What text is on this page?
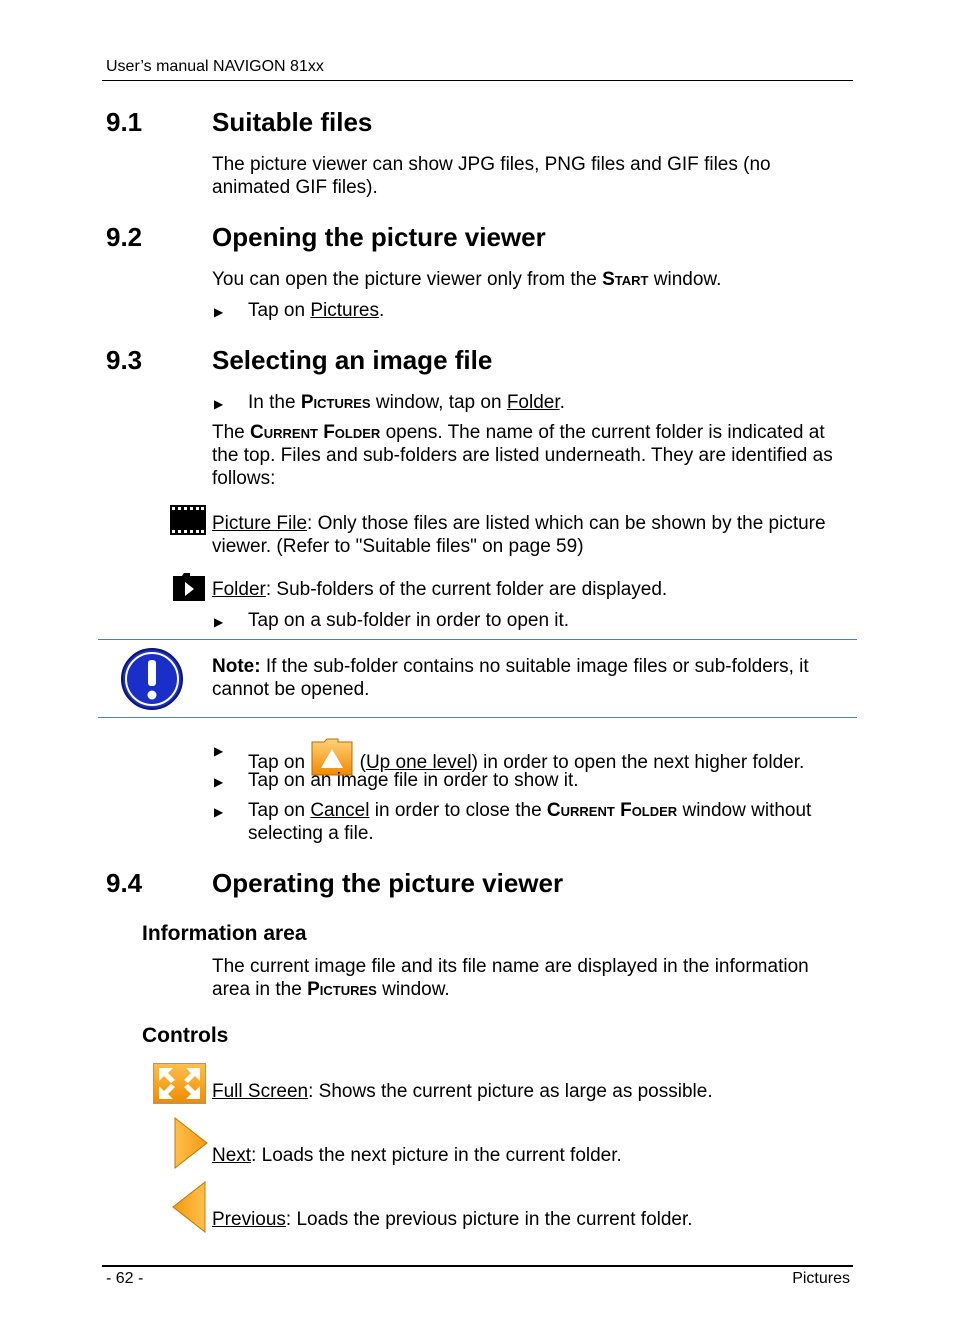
User’s manual NAVIGON 81xx
9.1	Suitable files
The picture viewer can show JPG files, PNG files and GIF files (no animated GIF files).
9.2	Opening the picture viewer
You can open the picture viewer only from the Start window.
▶ Tap on Pictures.
9.3	Selecting an image file
▶ In the Pictures window, tap on Folder.
The Current Folder opens. The name of the current folder is indicated at the top. Files and sub-folders are listed underneath. They are identified as follows:
Picture File: Only those files are listed which can be shown by the picture viewer. (Refer to "Suitable files" on page 59)
Folder: Sub-folders of the current folder are displayed.
▶ Tap on a sub-folder in order to open it.
Note: If the sub-folder contains no suitable image files or sub-folders, it cannot be opened.
▶
Tap on  (Up one level) in order to open the next higher folder.
▶ Tap on an image file in order to show it.
▶ Tap on Cancel in order to close the Current Folder window without selecting a file.
9.4	Operating the picture viewer
Information area
The current image file and its file name are displayed in the information area in the Pictures window.
Controls
Full Screen: Shows the current picture as large as possible.
Next: Loads the next picture in the current folder.
Previous: Loads the previous picture in the current folder.
- 62 -	Pictures
